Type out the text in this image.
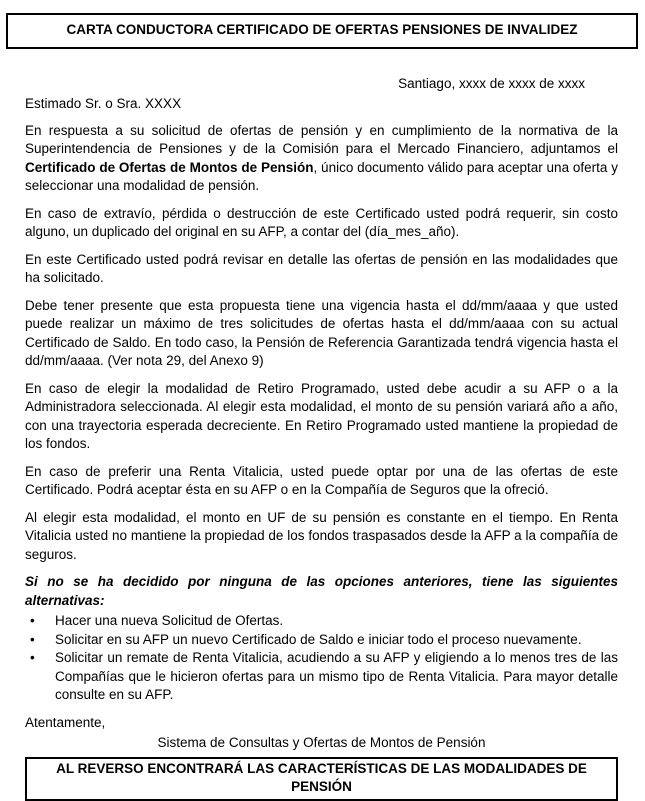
CARTA CONDUCTORA CERTIFICADO DE OFERTAS PENSIONES DE INVALIDEZ
Santiago, xxxx de xxxx de xxxx
Estimado Sr. o Sra. XXXX

En respuesta a su solicitud de ofertas de pensión y en cumplimiento de la normativa de la Superintendencia de Pensiones y de la Comisión para el Mercado Financiero, adjuntamos el Certificado de Ofertas de Montos de Pensión, único documento válido para aceptar una oferta y seleccionar una modalidad de pensión.

En caso de extravío, pérdida o destrucción de este Certificado usted podrá requerir, sin costo alguno, un duplicado del original en su AFP, a contar del (día_mes_año).

En este Certificado usted podrá revisar en detalle las ofertas de pensión en las modalidades que ha solicitado.

Debe tener presente que esta propuesta tiene una vigencia hasta el dd/mm/aaaa y que usted puede realizar un máximo de tres solicitudes de ofertas hasta el dd/mm/aaaa con su actual Certificado de Saldo. En todo caso, la Pensión de Referencia Garantizada tendrá vigencia hasta el dd/mm/aaaa. (Ver nota 29, del Anexo 9)

En caso de elegir la modalidad de Retiro Programado, usted debe acudir a su AFP o a la Administradora seleccionada. Al elegir esta modalidad, el monto de su pensión variará año a año, con una trayectoria esperada decreciente. En Retiro Programado usted mantiene la propiedad de los fondos.

En caso de preferir una Renta Vitalicia, usted puede optar por una de las ofertas de este Certificado. Podrá aceptar ésta en su AFP o en la Compañía de Seguros que la ofreció.

Al elegir esta modalidad, el monto en UF de su pensión es constante en el tiempo. En Renta Vitalicia usted no mantiene la propiedad de los fondos traspasados desde la AFP a la compañía de seguros.

Si no se ha decidido por ninguna de las opciones anteriores, tiene las siguientes alternativas:

• Hacer una nueva Solicitud de Ofertas.
• Solicitar en su AFP un nuevo Certificado de Saldo e iniciar todo el proceso nuevamente.
• Solicitar un remate de Renta Vitalicia, acudiendo a su AFP y eligiendo a lo menos tres de las Compañías que le hicieron ofertas para un mismo tipo de Renta Vitalicia. Para mayor detalle consulte en su AFP.
Atentamente,
Sistema de Consultas y Ofertas de Montos de Pensión
AL REVERSO ENCONTRARÁ LAS CARACTERÍSTICAS DE LAS MODALIDADES DE PENSIÓN
